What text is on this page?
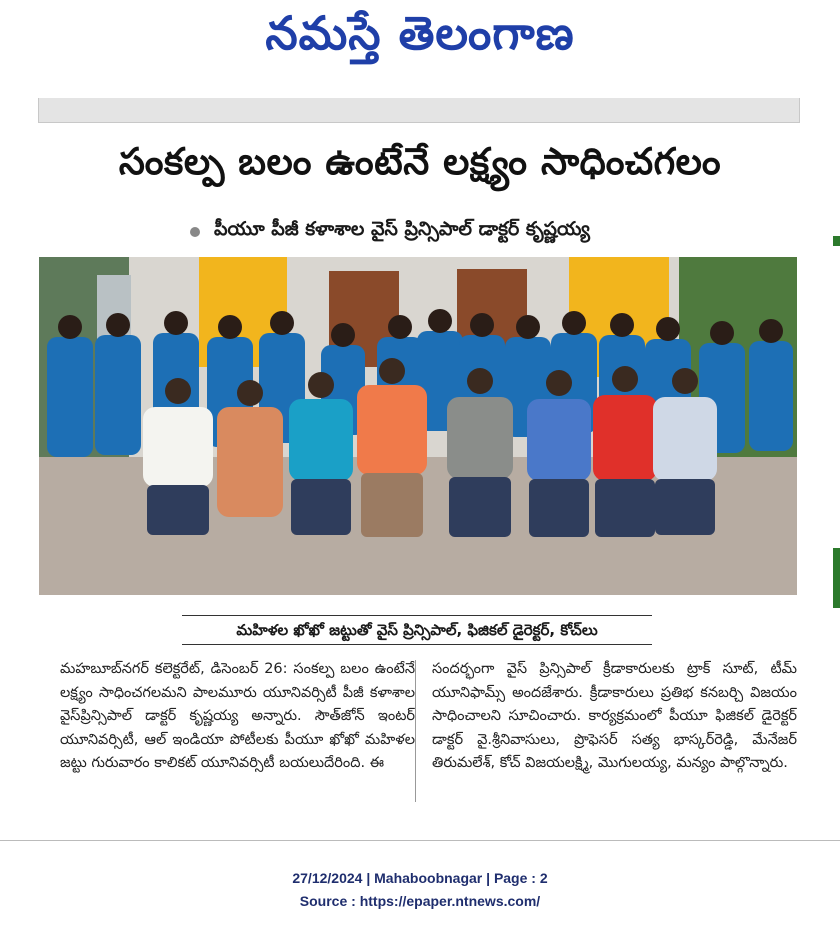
నమస్తే తెలంగాణ
సంకల్ప బలం ఉంటేనే లక్ష్యం సాధించగలం
పీయూ పీజీ కళాశాల వైస్ ప్రిన్సిపాల్ డాక్టర్ కృష్ణయ్య
మహిళల ఖోఖో జట్టుతో వైస్ ప్రిన్సిపాల్, ఫిజికల్ డైరెక్టర్, కోచ్‌లు
మహబూబ్‌నగర్ కలెక్టరేట్, డిసెంబర్ 26: సంకల్ప బలం ఉంటేనే లక్ష్యం సాధించగలమని పాలమూరు యూనివర్సిటీ పీజీ కళాశాల వైస్‌ప్రిన్సిపాల్ డాక్టర్ కృష్ణయ్య అన్నారు. సౌత్‌జోన్ ఇంటర్ యూనివర్సిటీ, ఆల్ ఇండియా పోటీలకు పీయూ ఖోఖో మహిళల జట్టు గురువారం కాలికట్ యూనివర్సిటీ బయలుదేరింది. ఈ
సందర్భంగా వైస్ ప్రిన్సిపాల్ క్రీడాకారులకు ట్రాక్ సూట్, టీమ్ యూనిఫామ్స్ అందజేశారు. క్రీడాకారులు ప్రతిభ కనబర్చి విజయం సాధించాలని సూచించారు. కార్యక్రమంలో పీయూ ఫిజికల్ డైరెక్టర్ డాక్టర్ వై.శ్రీనివాసులు, ప్రొఫెసర్ సత్య భాస్కర్‌రెడ్డి, మేనేజర్ తిరుమలేశ్, కోచ్ విజయలక్ష్మి, మొగులయ్య, మన్యం పాల్గొన్నారు.
27/12/2024 | Mahaboobnagar | Page : 2
Source : https://epaper.ntnews.com/
